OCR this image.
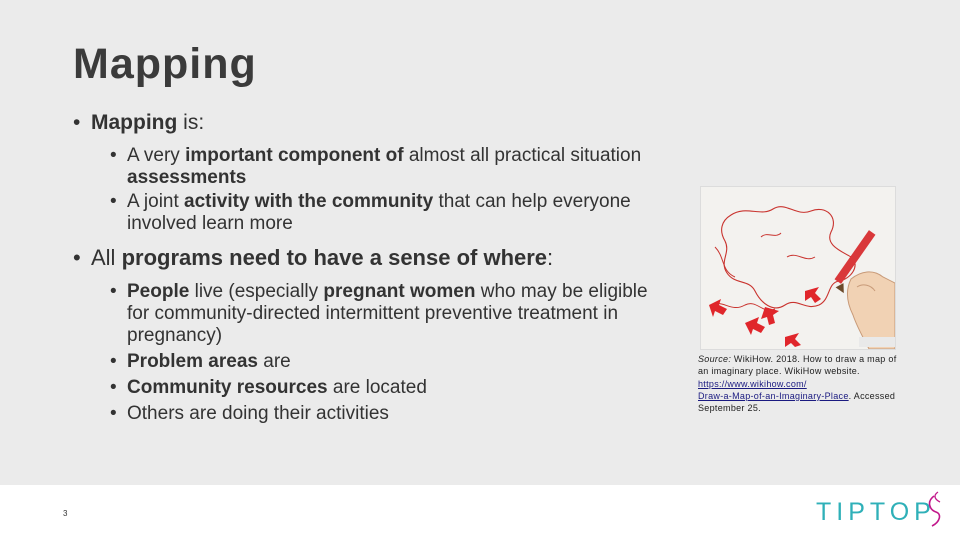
Mapping
• Mapping is:
• A very important component of almost all practical situation assessments
• A joint activity with the community that can help everyone involved learn more
• All programs need to have a sense of where:
• People live (especially pregnant women who may be eligible for community-directed intermittent preventive treatment in pregnancy)
• Problem areas are
• Community resources are located
• Others are doing their activities
Source: WikiHow. 2018. How to draw a map of an imaginary place. WikiHow website.
https://www.wikihow.com/
Draw-a-Map-of-an-Imaginary-Place. Accessed September 25.
3	TIPTOP
